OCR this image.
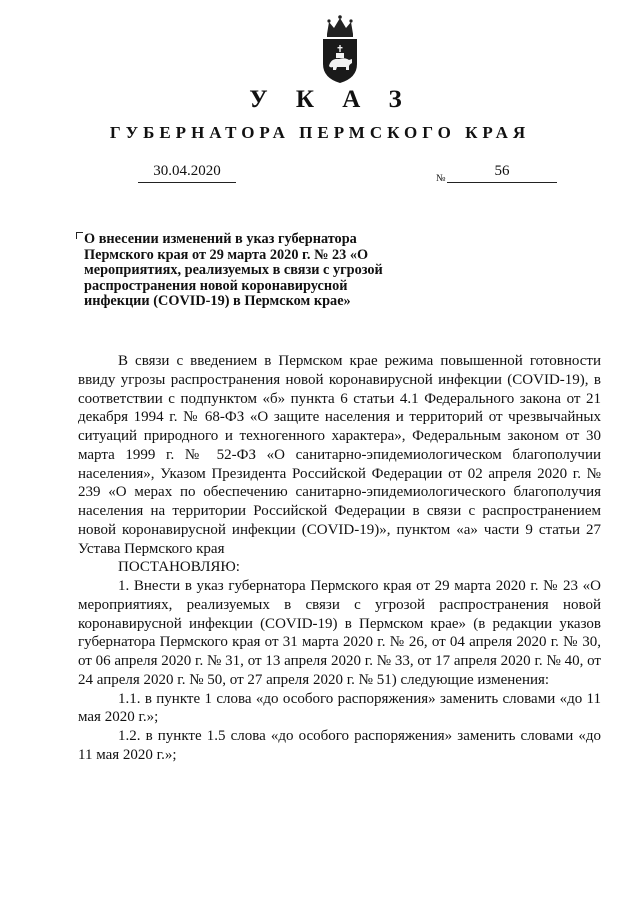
У К А З
ГУБЕРНАТОРА ПЕРМСКОГО КРАЯ
30.04.2020	№	56
О внесении изменений в указ губернатора Пермского края от 29 марта 2020 г. № 23 «О мероприятиях, реализуемых в связи с угрозой распространения новой коронавирусной инфекции (COVID-19) в Пермском крае»

В связи с введением в Пермском крае режима повышенной готовности ввиду угрозы распространения новой коронавирусной инфекции (COVID-19), в соответствии с подпунктом «б» пункта 6 статьи 4.1 Федерального закона от 21 декабря 1994 г. № 68-ФЗ «О защите населения и территорий от чрезвычайных ситуаций природного и техногенного характера», Федеральным законом от 30 марта 1999 г. № 52-ФЗ «О санитарно-эпидемиологическом благополучии населения», Указом Президента Российской Федерации от 02 апреля 2020 г. № 239 «О мерах по обеспечению санитарно-эпидемиологического благополучия населения на территории Российской Федерации в связи с распространением новой коронавирусной инфекции (COVID-19)», пунктом «а» части 9 статьи 27 Устава Пермского края

ПОСТАНОВЛЯЮ:

1. Внести в указ губернатора Пермского края от 29 марта 2020 г. № 23 «О мероприятиях, реализуемых в связи с угрозой распространения новой коронавирусной инфекции (COVID-19) в Пермском крае» (в редакции указов губернатора Пермского края от 31 марта 2020 г. № 26, от 04 апреля 2020 г. № 30, от 06 апреля 2020 г. № 31, от 13 апреля 2020 г. № 33, от 17 апреля 2020 г. № 40, от 24 апреля 2020 г. № 50, от 27 апреля 2020 г. № 51) следующие изменения:

1.1. в пункте 1 слова «до особого распоряжения» заменить словами «до 11 мая 2020 г.»;

1.2. в пункте 1.5 слова «до особого распоряжения» заменить словами «до 11 мая 2020 г.»;
